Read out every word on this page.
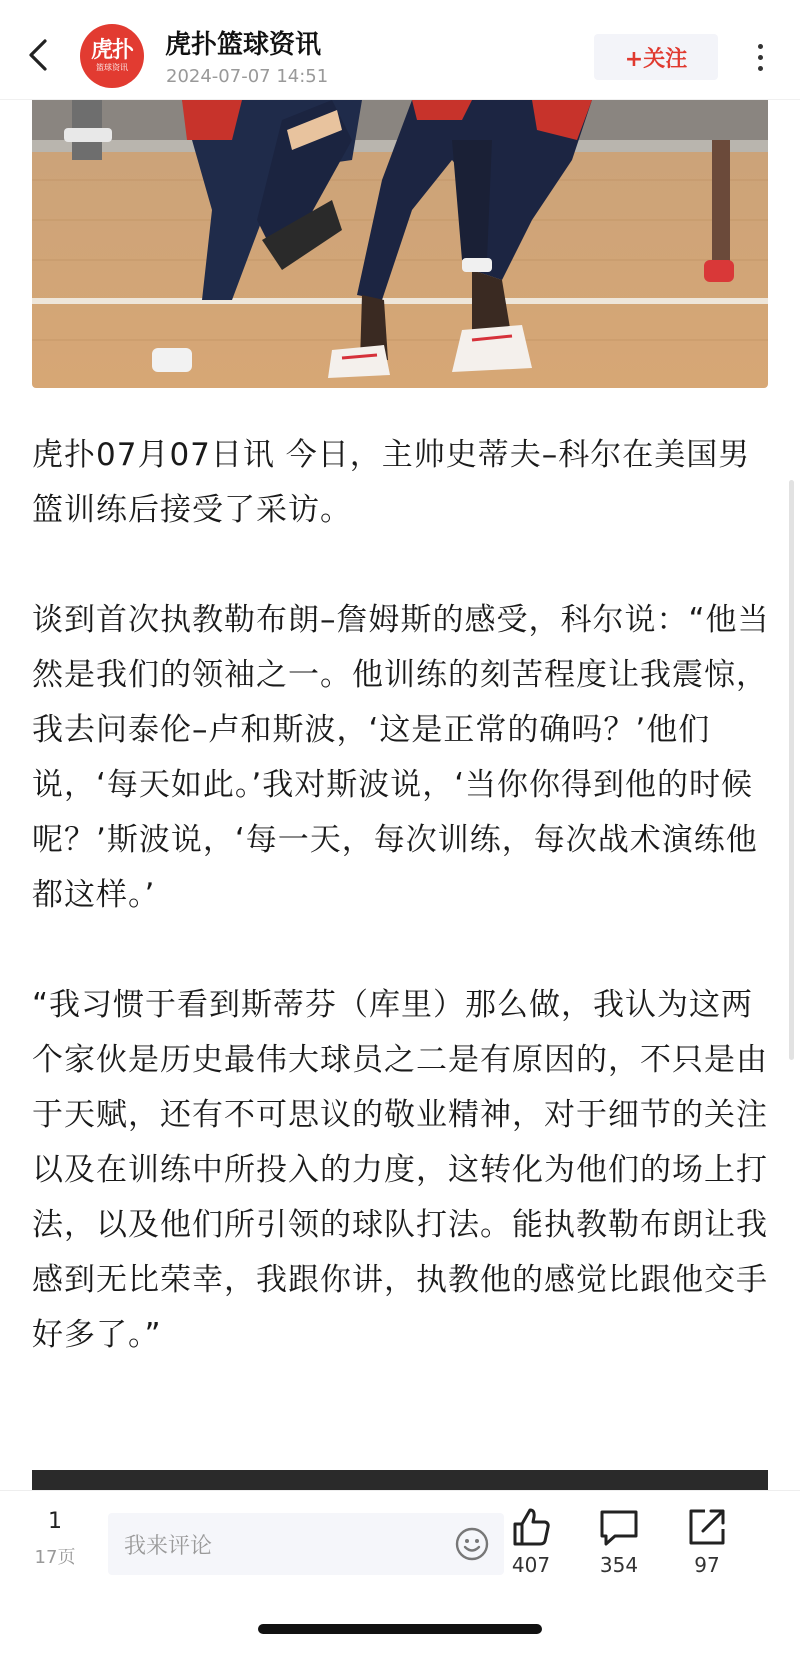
虎扑
篮球资讯
虎扑篮球资讯
2024-07-07 14:51
+关注

虎扑07月07日讯 今日，主帅史蒂夫–科尔在美国男篮训练后接受了采访。

谈到首次执教勒布朗–詹姆斯的感受，科尔说：“他当然是我们的领袖之一。他训练的刻苦程度让我震惊，我去问泰伦–卢和斯波，‘这是正常的确吗？’他们说，‘每天如此。’我对斯波说，‘当你你得到他的时候呢？’斯波说，‘每一天，每次训练，每次战术演练他都这样。’

“我习惯于看到斯蒂芬（库里）那么做，我认为这两个家伙是历史最伟大球员之二是有原因的，不只是由于天赋，还有不可思议的敬业精神，对于细节的关注以及在训练中所投入的力度，这转化为他们的场上打法，以及他们所引领的球队打法。能执教勒布朗让我感到无比荣幸，我跟你讲，执教他的感觉比跟他交手好多了。”

1
17页 我来评论
407	354	97
